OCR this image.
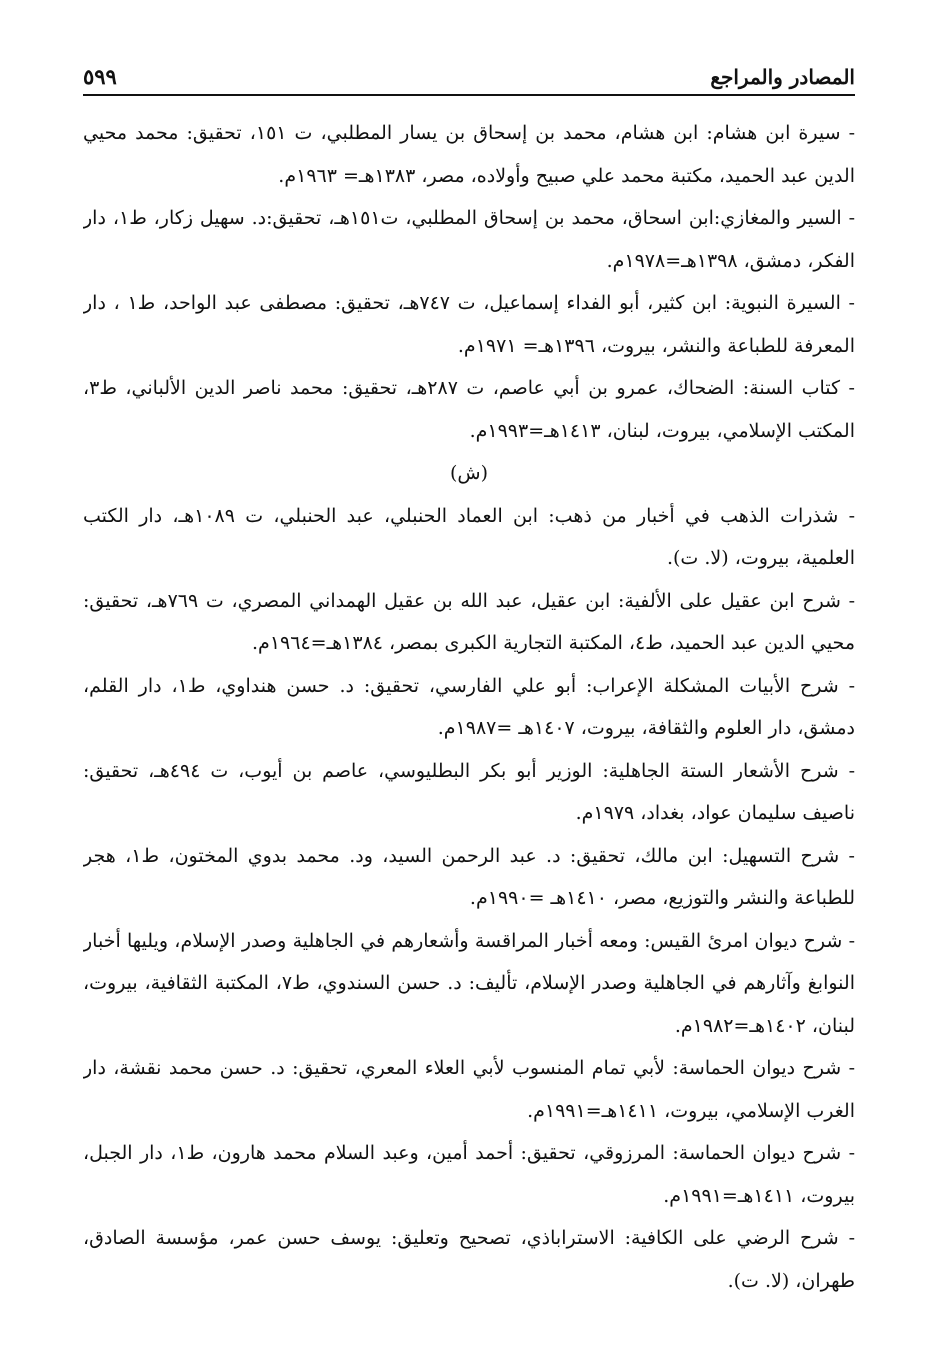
المصادر والمراجع
٥٩٩

- سيرة ابن هشام: ابن هشام، محمد بن إسحاق بن يسار المطلبي، ت ١٥١، تحقيق: محمد محيي الدين عبد الحميد، مكتبة محمد علي صبيح وأولاده، مصر، ١٣٨٣هـ= ١٩٦٣م.

- السير والمغازي:ابن اسحاق، محمد بن إسحاق المطلبي، ت١٥١هـ، تحقيق:د. سهيل زكار، ط١، دار الفكر، دمشق، ١٣٩٨هـ=١٩٧٨م.

- السيرة النبوية: ابن كثير، أبو الفداء إسماعيل، ت ٧٤٧هـ، تحقيق: مصطفى عبد الواحد، ط١ ، دار المعرفة للطباعة والنشر، بيروت، ١٣٩٦هـ= ١٩٧١م.

- كتاب السنة: الضحاك، عمرو بن أبي عاصم، ت ٢٨٧هـ، تحقيق: محمد ناصر الدين الألباني، ط٣، المكتب الإسلامي، بيروت، لبنان، ١٤١٣هـ=١٩٩٣م.

(ش)

- شذرات الذهب في أخبار من ذهب: ابن العماد الحنبلي، عبد الحنبلي، ت ١٠٨٩هـ، دار الكتب العلمية، بيروت، (لا. ت).

- شرح ابن عقيل على الألفية: ابن عقيل، عبد الله بن عقيل الهمداني المصري، ت ٧٦٩هـ، تحقيق: محيي الدين عبد الحميد، ط٤، المكتبة التجارية الكبرى بمصر، ١٣٨٤هـ=١٩٦٤م.

- شرح الأبيات المشكلة الإعراب: أبو علي الفارسي، تحقيق: د. حسن هنداوي، ط١، دار القلم، دمشق، دار العلوم والثقافة، بيروت، ١٤٠٧هـ =١٩٨٧م.

- شرح الأشعار الستة الجاهلية: الوزير أبو بكر البطليوسي، عاصم بن أيوب، ت ٤٩٤هـ، تحقيق: ناصيف سليمان عواد، بغداد، ١٩٧٩م.

- شرح التسهيل: ابن مالك، تحقيق: د. عبد الرحمن السيد، ود. محمد بدوي المختون، ط١، هجر للطباعة والنشر والتوزيع، مصر، ١٤١٠هـ =١٩٩٠م.

- شرح ديوان امرئ القيس: ومعه أخبار المراقسة وأشعارهم في الجاهلية وصدر الإسلام، ويليها أخبار النوابغ وآثارهم في الجاهلية وصدر الإسلام، تأليف: د. حسن السندوي، ط٧، المكتبة الثقافية، بيروت، لبنان، ١٤٠٢هـ=١٩٨٢م.

- شرح ديوان الحماسة: لأبي تمام المنسوب لأبي العلاء المعري، تحقيق: د. حسن محمد نقشة، دار الغرب الإسلامي، بيروت، ١٤١١هـ=١٩٩١م.

- شرح ديوان الحماسة: المرزوقي، تحقيق: أحمد أمين، وعبد السلام محمد هارون، ط١، دار الجبل، بيروت، ١٤١١هـ=١٩٩١م.

- شرح الرضي على الكافية: الاستراباذي، تصحيح وتعليق: يوسف حسن عمر، مؤسسة الصادق، طهران، (لا. ت).
